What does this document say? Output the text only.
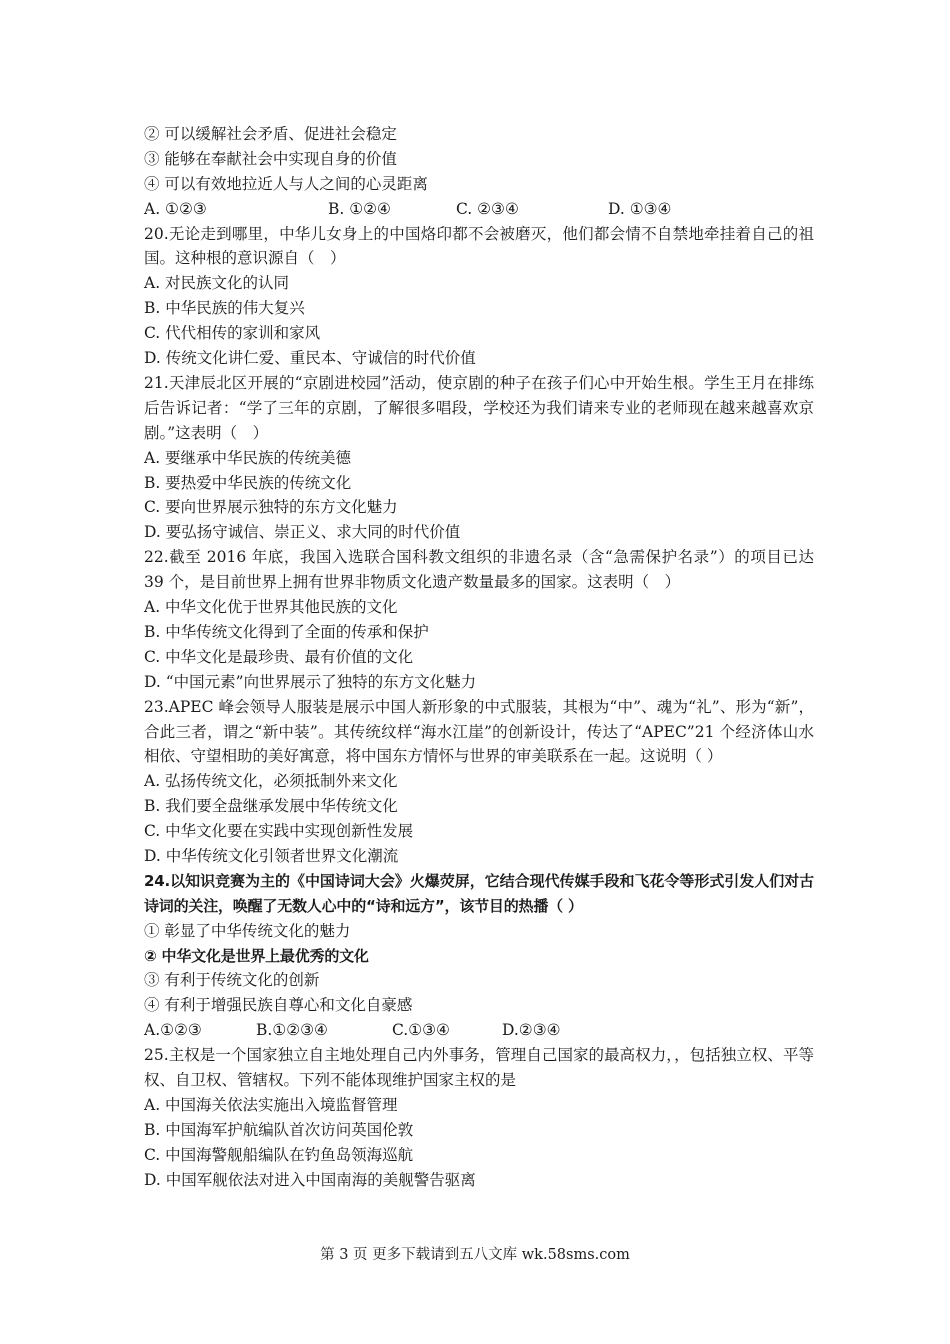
② 可以缓解社会矛盾、促进社会稳定
③ 能够在奉献社会中实现自身的价值
④ 可以有效地拉近人与人之间的心灵距离
A. ①②③	B. ①②④	C. ②③④	D. ①③④
20.无论走到哪里，中华儿女身上的中国烙印都不会被磨灭，他们都会情不自禁地牵挂着自己的祖国。这种根的意识源自（　）
A. 对民族文化的认同
B. 中华民族的伟大复兴
C. 代代相传的家训和家风
D. 传统文化讲仁爱、重民本、守诚信的时代价值
21.天津辰北区开展的“京剧进校园”活动，使京剧的种子在孩子们心中开始生根。学生王月在排练后告诉记者：“学了三年的京剧，了解很多唱段，学校还为我们请来专业的老师现在越来越喜欢京剧。”这表明（　）
A. 要继承中华民族的传统美德
B. 要热爱中华民族的传统文化
C. 要向世界展示独特的东方文化魅力
D. 要弘扬守诚信、崇正义、求大同的时代价值
22.截至 2016 年底，我国入选联合国科教文组织的非遗名录（含“急需保护名录”）的项目已达 39 个，是目前世界上拥有世界非物质文化遗产数量最多的国家。这表明（　）
A. 中华文化优于世界其他民族的文化
B. 中华传统文化得到了全面的传承和保护
C. 中华文化是最珍贵、最有价值的文化
D. “中国元素”向世界展示了独特的东方文化魅力
23.APEC 峰会领导人服装是展示中国人新形象的中式服装，其根为“中”、魂为“礼”、形为“新”，合此三者，谓之“新中装”。其传统纹样“海水江崖”的创新设计，传达了“APEC”21 个经济体山水相依、守望相助的美好寓意，将中国东方情怀与世界的审美联系在一起。这说明（ ）
A. 弘扬传统文化，必须抵制外来文化
B. 我们要全盘继承发展中华传统文化
C. 中华文化要在实践中实现创新性发展
D. 中华传统文化引领者世界文化潮流
24.以知识竞赛为主的《中国诗词大会》火爆荧屏，它结合现代传媒手段和飞花令等形式引发人们对古诗词的关注，唤醒了无数人心中的“诗和远方”，该节目的热播（ ）
① 彰显了中华传统文化的魅力
② 中华文化是世界上最优秀的文化
③ 有利于传统文化的创新
④ 有利于增强民族自尊心和文化自豪感
A.①②③	B.①②③④	C.①③④	D.②③④
25.主权是一个国家独立自主地处理自己内外事务，管理自己国家的最高权力，，包括独立权、平等权、自卫权、管辖权。下列不能体现维护国家主权的是
A. 中国海关依法实施出入境监督管理
B. 中国海军护航编队首次访问英国伦敦
C. 中国海警舰船编队在钓鱼岛领海巡航
D. 中国军舰依法对进入中国南海的美舰警告驱离
第 3 页 更多下载请到五八文库 wk.58sms.com
